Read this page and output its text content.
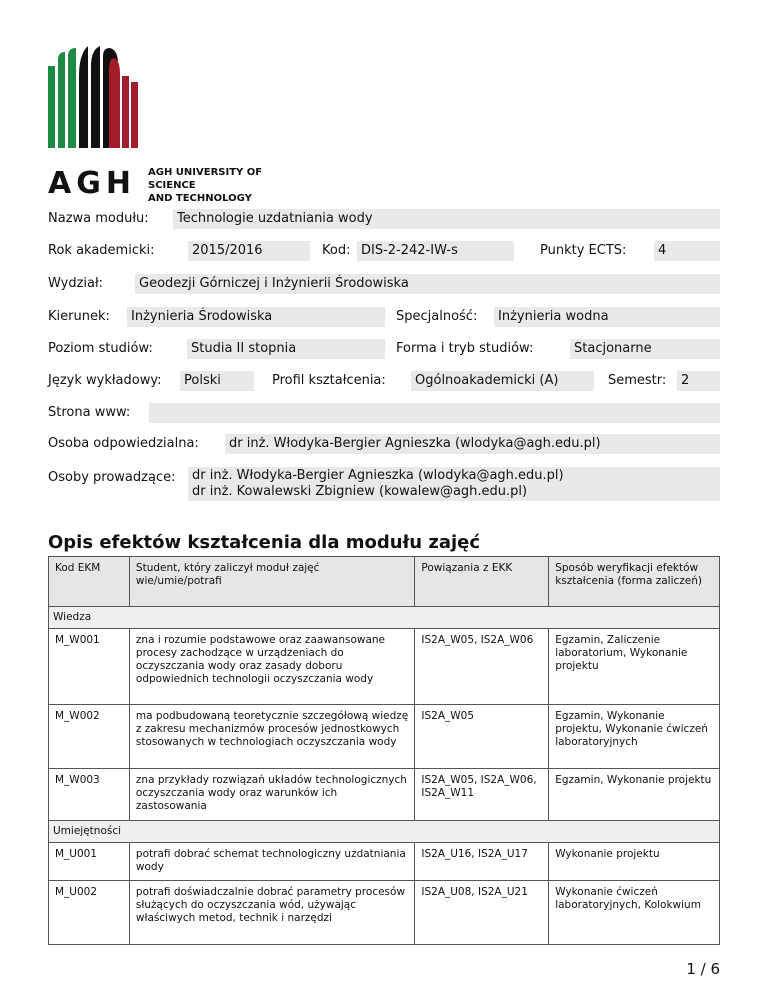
AGH AGH UNIVERSITY OF SCIENCE
AND TECHNOLOGY
Nazwa modułu:	Technologie uzdatniania wody
Rok akademicki:	2015/2016	Kod: DIS-2-242-IW-s	Punkty ECTS:	4
Wydział:	Geodezji Górniczej i Inżynierii Środowiska
Kierunek:	Inżynieria Środowiska	Specjalność:	Inżynieria wodna
Poziom studiów:	Studia II stopnia	Forma i tryb studiów:	Stacjonarne
Język wykładowy:	Polski	Profil kształcenia:	Ogólnoakademicki (A)	Semestr:	2
Strona www:
Osoba odpowiedzialna:	dr inż. Włodyka-Bergier Agnieszka (wlodyka@agh.edu.pl)
Osoby prowadzące: dr inż. Włodyka-Bergier Agnieszka (wlodyka@agh.edu.pl)
dr inż. Kowalewski Zbigniew (kowalew@agh.edu.pl)
Opis efektów kształcenia dla modułu zajęć
Kod EKM	Student, który zaliczył moduł zajęć wie/umie/potrafi	Powiązania z EKK	Sposób weryfikacji efektów kształcenia (forma zaliczeń)
Wiedza			
M_W001	zna i rozumie podstawowe oraz zaawansowane procesy zachodzące w urządzeniach do oczyszczania wody oraz zasady doboru odpowiednich technologii oczyszczania wody	IS2A_W05, IS2A_W06	Egzamin, Zaliczenie laboratorium, Wykonanie projektu
M_W002	ma podbudowaną teoretycznie szczegółową wiedzę z zakresu mechanizmów procesów jednostkowych stosowanych w technologiach oczyszczania wody	IS2A_W05	Egzamin, Wykonanie projektu, Wykonanie ćwiczeń laboratoryjnych
M_W003	zna przykłady rozwiązań układów technologicznych oczyszczania wody oraz warunków ich zastosowania	IS2A_W05, IS2A_W06, IS2A_W11	Egzamin, Wykonanie projektu
Umiejętności			
M_U001	potrafi dobrać schemat technologiczny uzdatniania wody	IS2A_U16, IS2A_U17	Wykonanie projektu
M_U002	potrafi doświadczalnie dobrać parametry procesów służących do oczyszczania wód, używając właściwych metod, technik i narzędzi	IS2A_U08, IS2A_U21	Wykonanie ćwiczeń laboratoryjnych, Kolokwium
1 / 6
